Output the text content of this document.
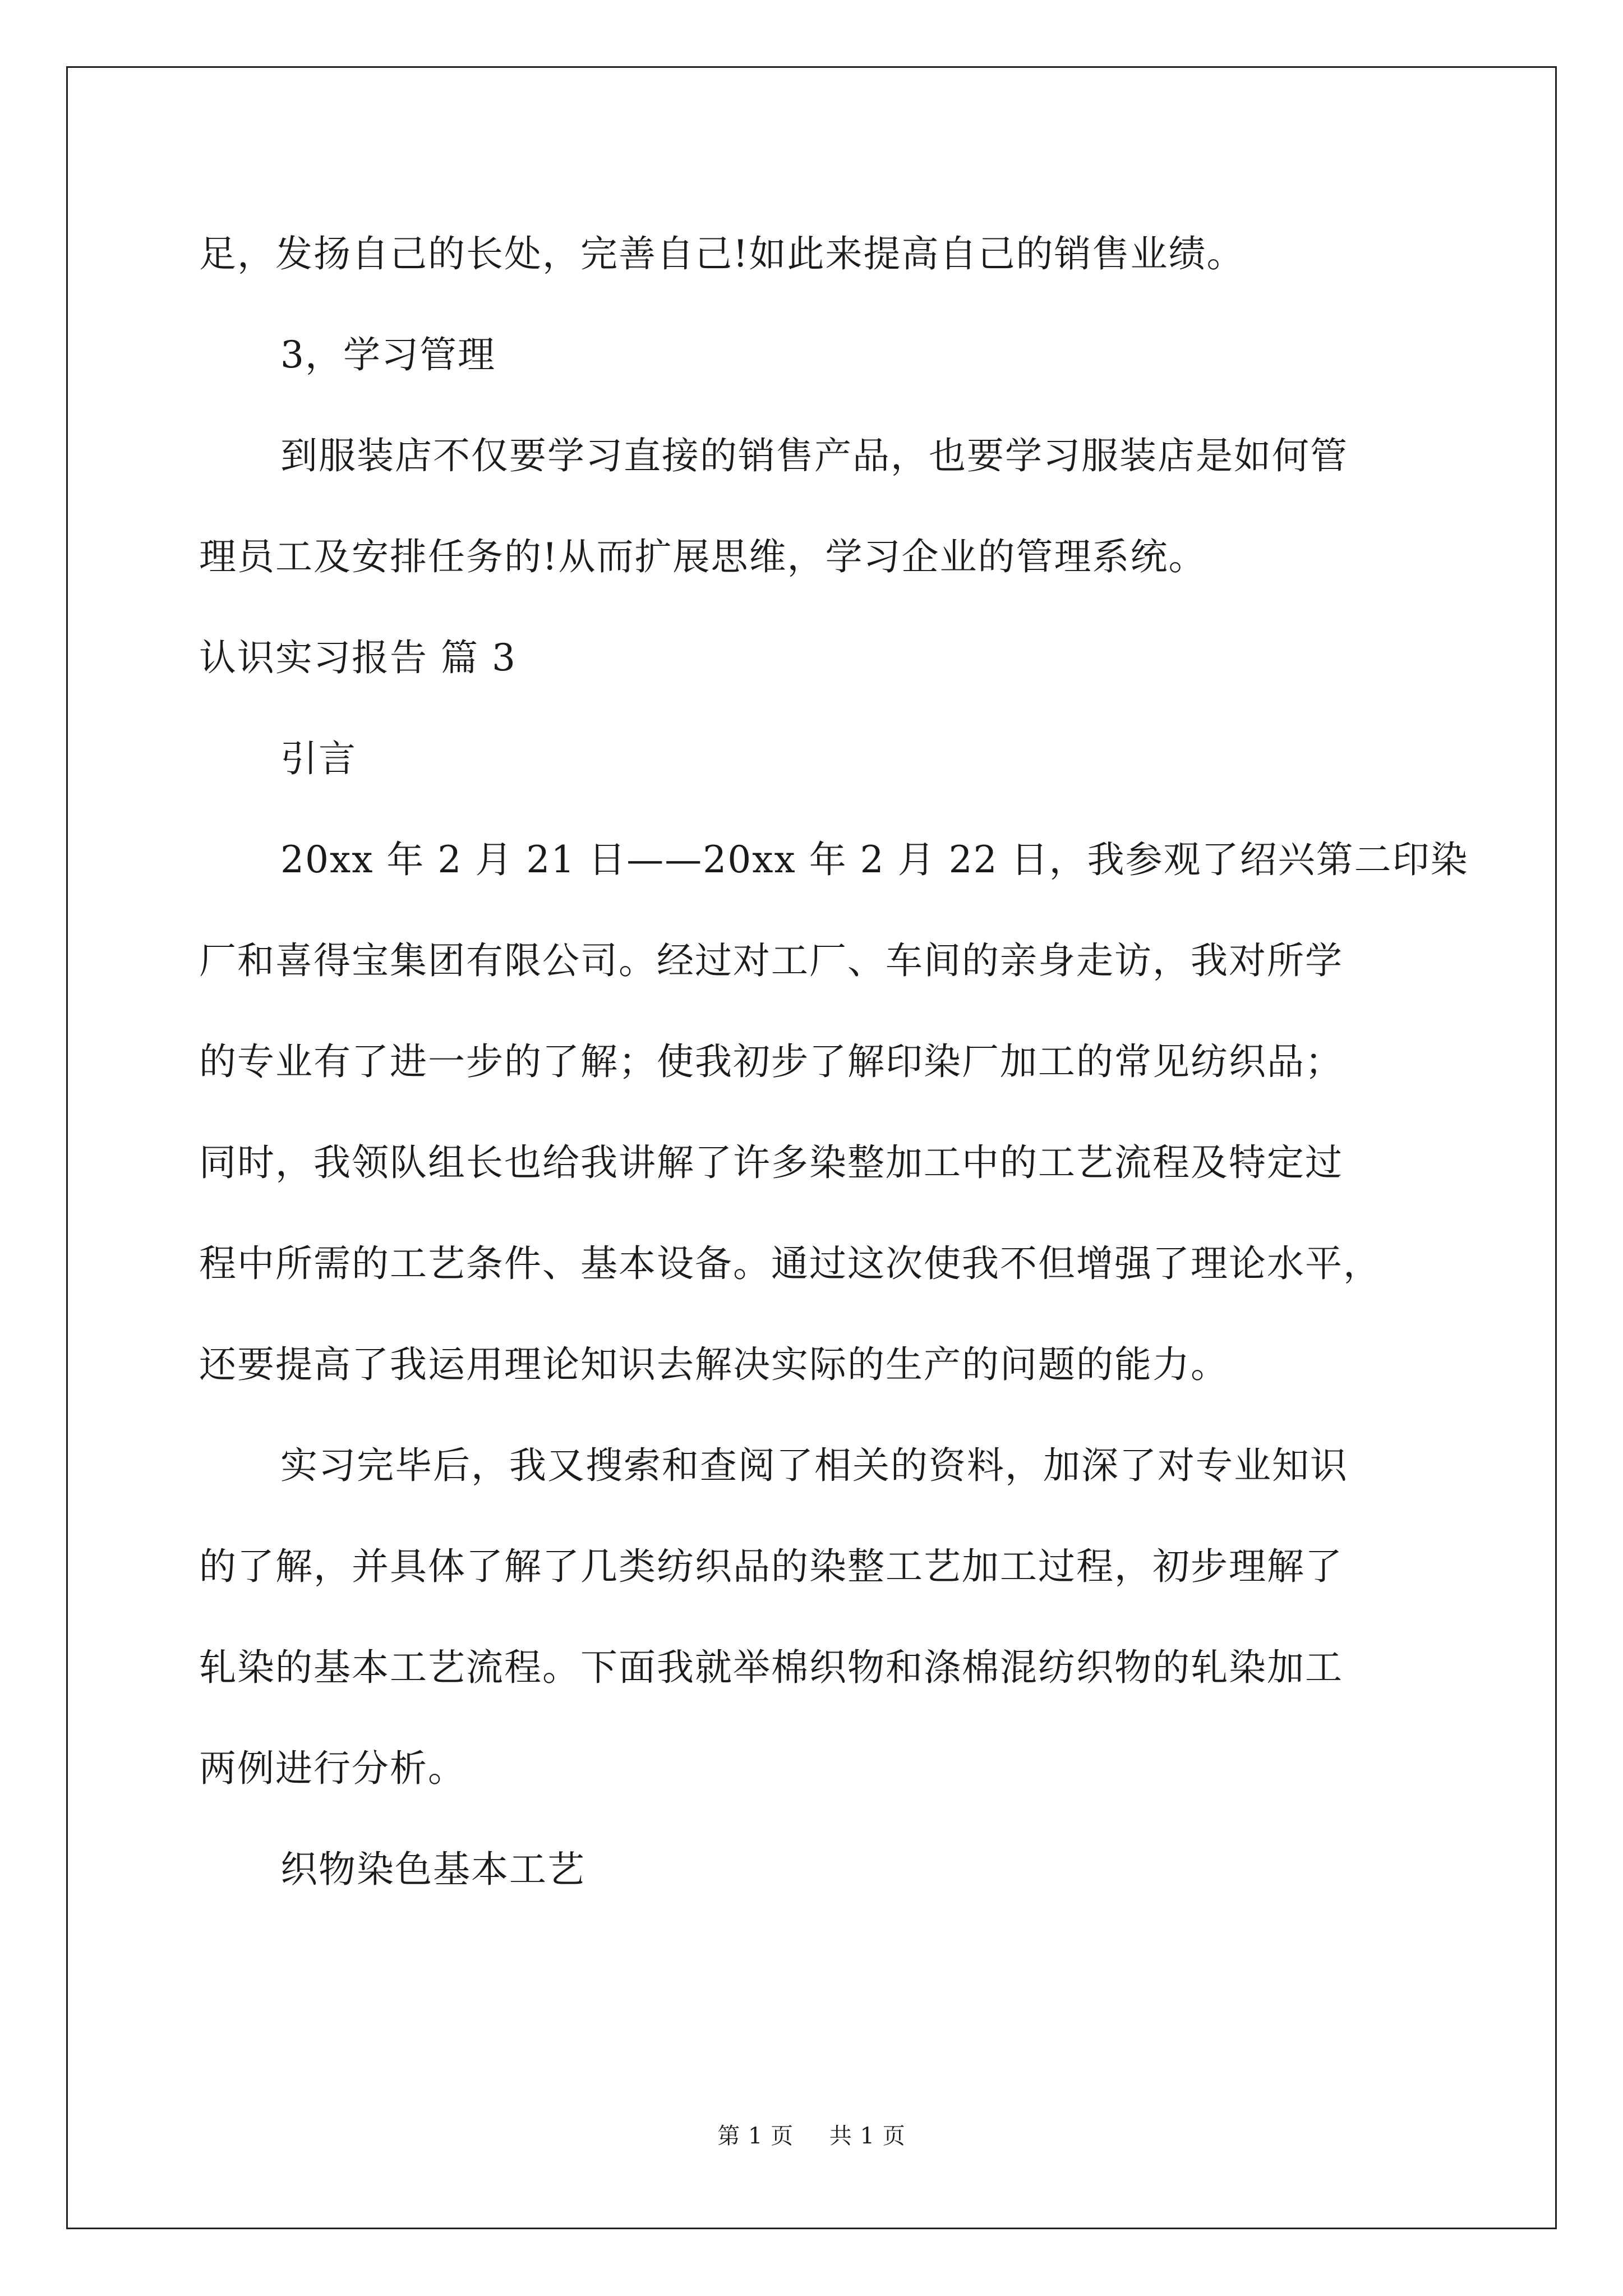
足，发扬自己的长处，完善自己!如此来提高自己的销售业绩。
3，学习管理
到服装店不仅要学习直接的销售产品，也要学习服装店是如何管
理员工及安排任务的!从而扩展思维，学习企业的管理系统。
认识实习报告 篇 3
引言
20xx 年 2 月 21 日——20xx 年 2 月 22 日，我参观了绍兴第二印染
厂和喜得宝集团有限公司。经过对工厂、车间的亲身走访，我对所学
的专业有了进一步的了解；使我初步了解印染厂加工的常见纺织品；
同时，我领队组长也给我讲解了许多染整加工中的工艺流程及特定过
程中所需的工艺条件、基本设备。通过这次使我不但增强了理论水平，
还要提高了我运用理论知识去解决实际的生产的问题的能力。
实习完毕后，我又搜索和查阅了相关的资料，加深了对专业知识
的了解，并具体了解了几类纺织品的染整工艺加工过程，初步理解了
轧染的基本工艺流程。下面我就举棉织物和涤棉混纺织物的轧染加工
两例进行分析。
织物染色基本工艺
第 1 页 共 1 页
